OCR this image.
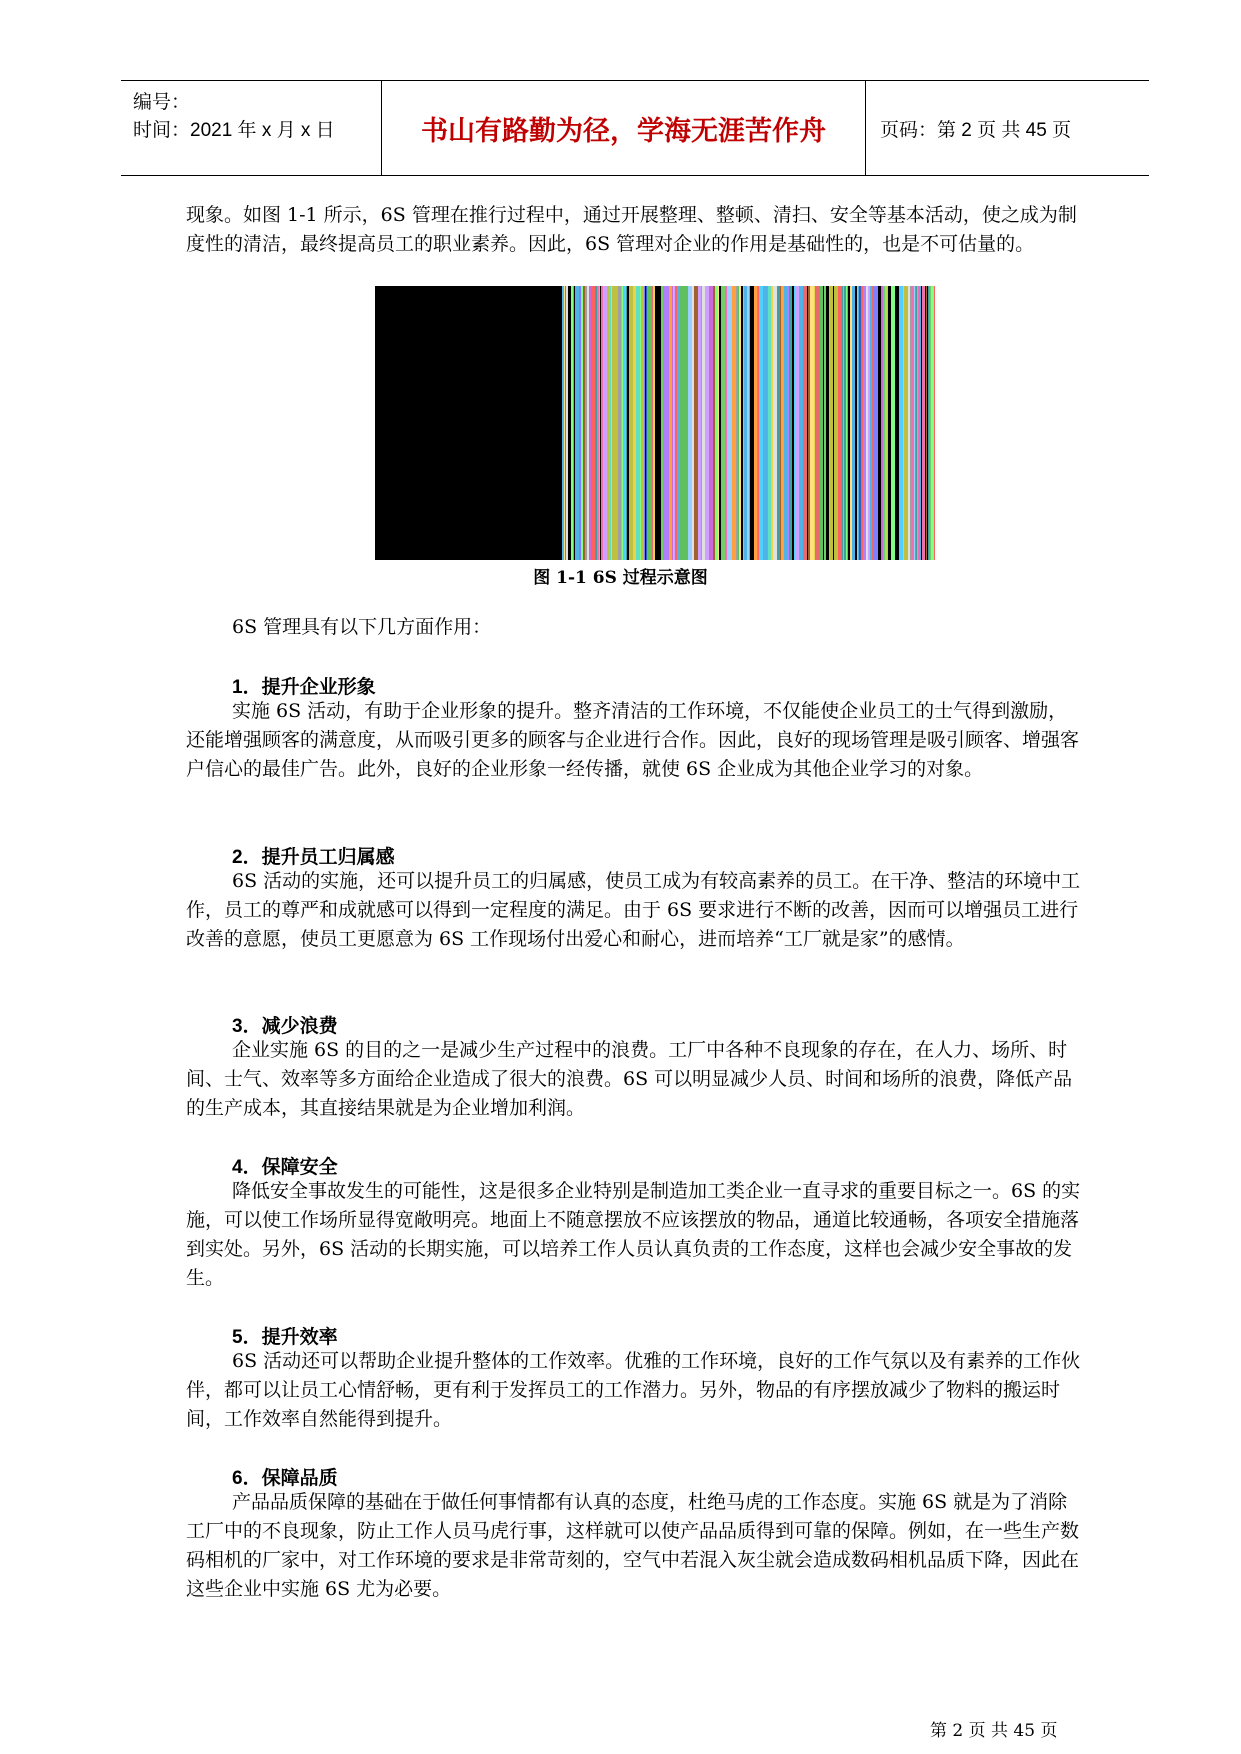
编号：
时间：2021 年 x 月 x 日	书山有路勤为径，学海无涯苦作舟	页码：第 2 页 共 45 页

现象。如图 1-1 所示，6S 管理在推行过程中，通过开展整理、整顿、清扫、安全等基本活动，使之成为制度性的清洁，最终提高员工的职业素养。因此，6S 管理对企业的作用是基础性的，也是不可估量的。

图 1-1 6S 过程示意图

6S 管理具有以下几方面作用：

1．提升企业形象

实施 6S 活动，有助于企业形象的提升。整齐清洁的工作环境，不仅能使企业员工的士气得到激励，还能增强顾客的满意度，从而吸引更多的顾客与企业进行合作。因此，良好的现场管理是吸引顾客、增强客户信心的最佳广告。此外，良好的企业形象一经传播，就使 6S 企业成为其他企业学习的对象。

2．提升员工归属感

6S 活动的实施，还可以提升员工的归属感，使员工成为有较高素养的员工。在干净、整洁的环境中工作，员工的尊严和成就感可以得到一定程度的满足。由于 6S 要求进行不断的改善，因而可以增强员工进行改善的意愿，使员工更愿意为 6S 工作现场付出爱心和耐心，进而培养“工厂就是家”的感情。

3．减少浪费

企业实施 6S 的目的之一是减少生产过程中的浪费。工厂中各种不良现象的存在，在人力、场所、时间、士气、效率等多方面给企业造成了很大的浪费。6S 可以明显减少人员、时间和场所的浪费，降低产品的生产成本，其直接结果就是为企业增加利润。

4．保障安全

降低安全事故发生的可能性，这是很多企业特别是制造加工类企业一直寻求的重要目标之一。6S 的实施，可以使工作场所显得宽敞明亮。地面上不随意摆放不应该摆放的物品，通道比较通畅，各项安全措施落到实处。另外，6S 活动的长期实施，可以培养工作人员认真负责的工作态度，这样也会减少安全事故的发生。

5．提升效率

6S 活动还可以帮助企业提升整体的工作效率。优雅的工作环境，良好的工作气氛以及有素养的工作伙伴，都可以让员工心情舒畅，更有利于发挥员工的工作潜力。另外，物品的有序摆放减少了物料的搬运时间，工作效率自然能得到提升。

6．保障品质

产品品质保障的基础在于做任何事情都有认真的态度，杜绝马虎的工作态度。实施 6S 就是为了消除工厂中的不良现象，防止工作人员马虎行事，这样就可以使产品品质得到可靠的保障。例如，在一些生产数码相机的厂家中，对工作环境的要求是非常苛刻的，空气中若混入灰尘就会造成数码相机品质下降，因此在这些企业中实施 6S 尤为必要。

第 2 页 共 45 页
